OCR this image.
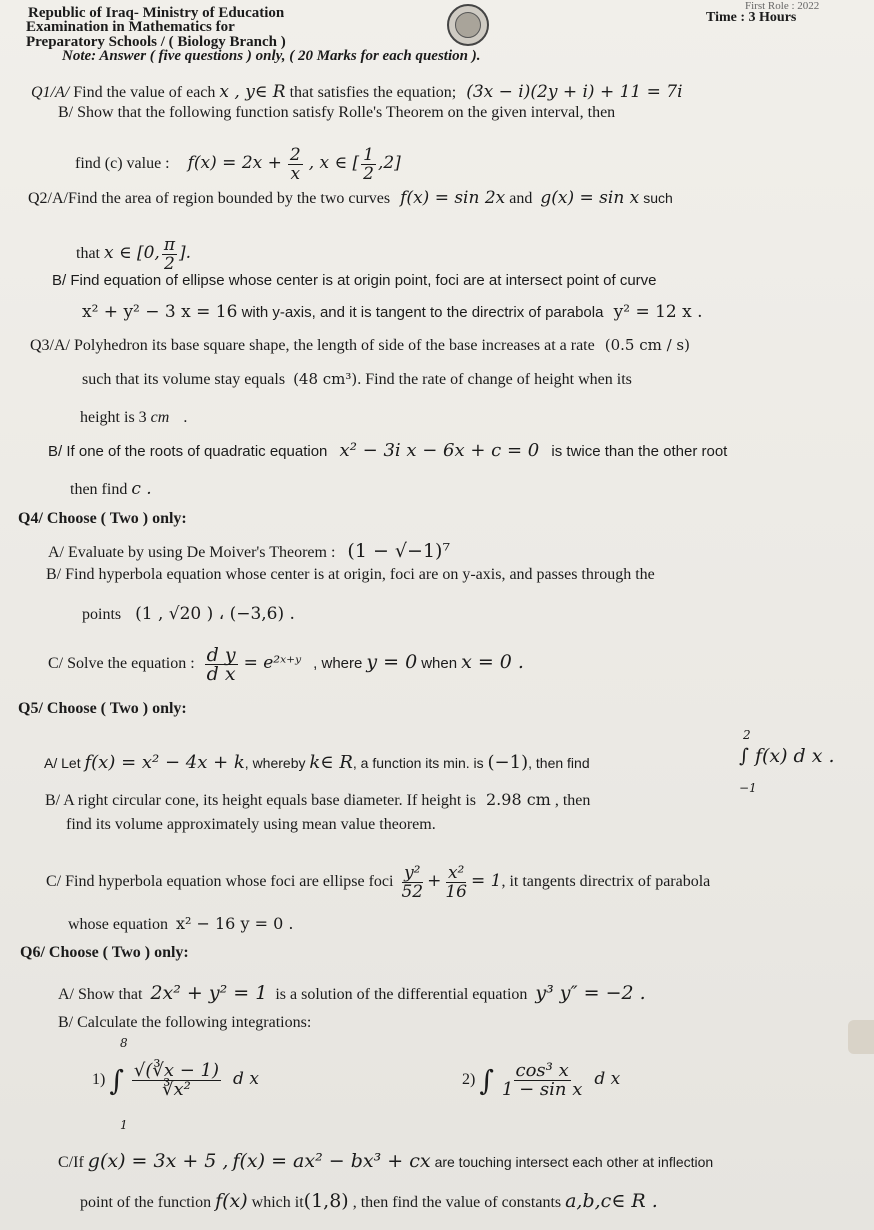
Republic of Iraq- Ministry of Education
Examination in Mathematics for
Preparatory Schools / ( Biology Branch )
First Role : 2022
Time : 3 Hours
Note: Answer ( five questions ) only, ( 20 Marks for each question ).
Q1/A/ Find the value of each x , y∈ R that satisfies the equation; (3x − i)(2y + i) + 11 = 7i
B/ Show that the following function satisfy Rolle's Theorem on the given interval, then
find (c) value : $f(x) = 2x + \frac{2}{x}$ , x ∈ [ $\frac{1}{2} ,2$]
Q2/A/Find the area of region bounded by the two curves f(x) = sin 2x and g(x) = sin x such
that x ∈ [0, $\frac{\pi}{2}$ ].
B/ Find equation of ellipse whose center is at origin point, foci are at intersect point of curve
x² + y² − 3 x = 16 with y-axis, and it is tangent to the directrix of parabola y² = 12 x .
Q3/A/ Polyhedron its base square shape, the length of side of the base increases at a rate (0.5 cm / s)
such that its volume stay equals (48 cm³). Find the rate of change of height when its
height is 3 cm .
B/ If one of the roots of quadratic equation x² − 3i x − 6x + c = 0 is twice than the other root
then find c .
Q4/ Choose ( Two ) only:
A/ Evaluate by using De Moiver's Theorem : (1 − √−1)⁷
B/ Find hyperbola equation whose center is at origin, foci are on y-axis, and passes through the
points (1 , √20 ) ، (−3,6) .
C/ Solve the equation : $\frac{\text{d y}}{\text{d x}}$ = e²ˣ⁺ʸ , where y = 0 when x = 0 .
Q5/ Choose ( Two ) only:
A/ Let f(x) = x² − 4x + k, whereby k∈ R, a function its min. is (−1), then find
2
−1
∫ f(x) d x .
B/ A right circular cone, its height equals base diameter. If height is 2.98 cm , then
find its volume approximately using mean value theorem.
C/ Find hyperbola equation whose foci are ellipse foci $\frac{\text{y²}}{52} + \frac{\text{x²}}{16} = 1$, it tangents directrix of parabola
whose equation x² − 16 y = 0 .
Q6/ Choose ( Two ) only:
A/ Show that 2x² + y² = 1 is a solution of the differential equation y³ y″ = −2 .
B/ Calculate the following integrations:
8
1
1) ∫ $\frac{√(∛x - 1)}{\text{∛x²}}$ d x	2) ∫ $\frac{\text{cos³ x}}{\text{1 − sin x}}$ d x
C/If g(x) = 3x + 5 , f(x) = ax² − bx³ + cx are touching intersect each other at inflection
point of the function f(x) which it(1,8) , then find the value of constants a,b,c∈ R .
